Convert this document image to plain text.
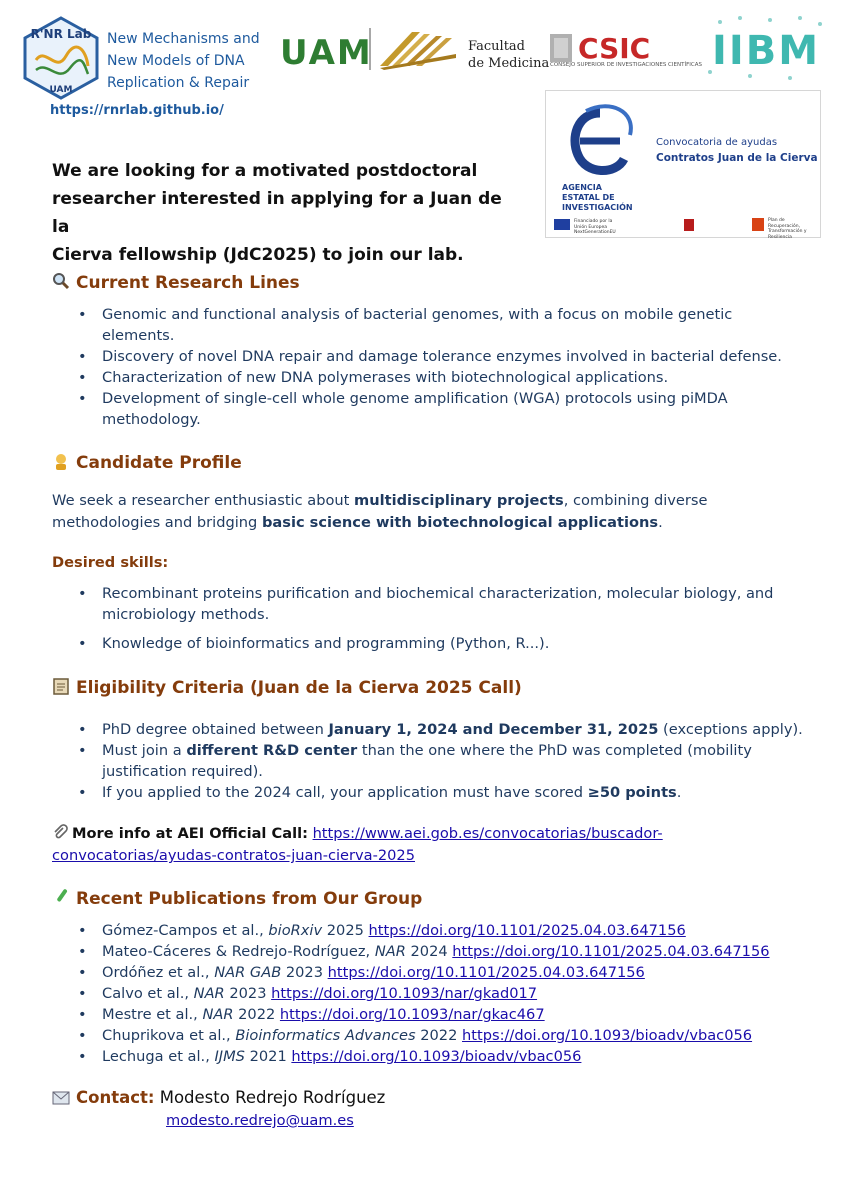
R'NR Lab
UAM
New Mechanisms and
New Models of DNA
Replication & Repair
https://rnrlab.github.io/
UAM	Facultad
de Medicina CSIC
CONSEJO SUPERIOR DE INVESTIGACIONES CIENTÍFICAS IIBM
AGENCIA
ESTATAL DE
INVESTIGACIÓN
Convocatoria de ayudas
Contratos Juan de la Cierva
Financiado por la Unión Europea NextGenerationEU
Plan de Recuperación, Transformación y Resiliencia
We are looking for a motivated postdoctoral
researcher interested in applying for a Juan de la
Cierva fellowship (JdC2025) to join our lab.
Current Research Lines
• Genomic and functional analysis of bacterial genomes, with a focus on mobile genetic
elements.
• Discovery of novel DNA repair and damage tolerance enzymes involved in bacterial defense.
• Characterization of new DNA polymerases with biotechnological applications.
• Development of single-cell whole genome amplification (WGA) protocols using piMDA
methodology.
Candidate Profile
We seek a researcher enthusiastic about multidisciplinary projects, combining diverse
methodologies and bridging basic science with biotechnological applications.
Desired skills:
• Recombinant proteins purification and biochemical characterization, molecular biology, and
microbiology methods.
• Knowledge of bioinformatics and programming (Python, R...).
Eligibility Criteria (Juan de la Cierva 2025 Call)
• PhD degree obtained between January 1, 2024 and December 31, 2025 (exceptions apply).
• Must join a different R&D center than the one where the PhD was completed (mobility
justification required).
• If you applied to the 2024 call, your application must have scored ≥50 points.
More info at AEI Official Call: https://www.aei.gob.es/convocatorias/buscador-
convocatorias/ayudas-contratos-juan-cierva-2025
Recent Publications from Our Group
• Gómez-Campos et al., bioRxiv 2025 https://doi.org/10.1101/2025.04.03.647156
• Mateo-Cáceres & Redrejo-Rodríguez, NAR 2024 https://doi.org/10.1101/2025.04.03.647156
• Ordóñez et al., NAR GAB 2023 https://doi.org/10.1101/2025.04.03.647156
• Calvo et al., NAR 2023 https://doi.org/10.1093/nar/gkad017
• Mestre et al., NAR 2022 https://doi.org/10.1093/nar/gkac467
• Chuprikova et al., Bioinformatics Advances 2022 https://doi.org/10.1093/bioadv/vbac056
• Lechuga et al., IJMS 2021 https://doi.org/10.1093/bioadv/vbac056
Contact: Modesto Redrejo Rodríguez
modesto.redrejo@uam.es
